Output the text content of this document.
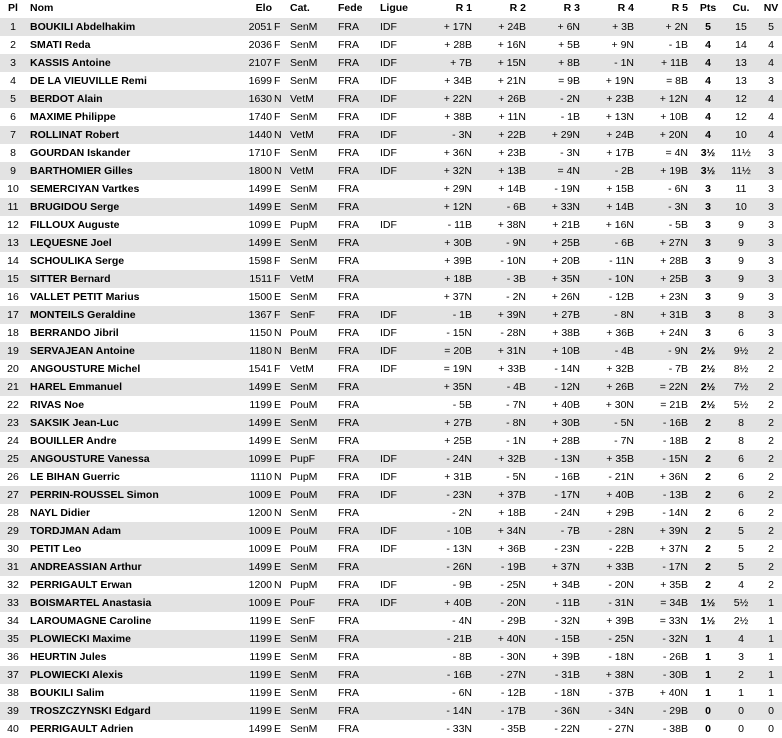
Pl	Nom	Elo		Cat.	Fede	Ligue	R 1	R 2	R 3	R 4	R 5	Pts	Cu.	NV
1	BOUKILI Abdelhakim	2051	F	SenM	FRA	IDF	+ 17N	+ 24B	+ 6N	+ 3B	+ 2N	5	15	5
2	SMATI Reda	2036	F	SenM	FRA	IDF	+ 28B	+ 16N	+ 5B	+ 9N	- 1B	4	14	4
3	KASSIS Antoine	2107	F	SenM	FRA	IDF	+ 7B	+ 15N	+ 8B	- 1N	+ 11B	4	13	4
4	DE LA VIEUVILLE Remi	1699	F	SenM	FRA	IDF	+ 34B	+ 21N	= 9B	+ 19N	= 8B	4	13	3
5	BERDOT Alain	1630	N	VetM	FRA	IDF	+ 22N	+ 26B	- 2N	+ 23B	+ 12N	4	12	4
6	MAXIME Philippe	1740	F	SenM	FRA	IDF	+ 38B	+ 11N	- 1B	+ 13N	+ 10B	4	12	4
7	ROLLINAT Robert	1440	N	VetM	FRA	IDF	- 3N	+ 22B	+ 29N	+ 24B	+ 20N	4	10	4
8	GOURDAN Iskander	1710	F	SenM	FRA	IDF	+ 36N	+ 23B	- 3N	+ 17B	= 4N	3½	11½	3
9	BARTHOMIER Gilles	1800	N	VetM	FRA	IDF	+ 32N	+ 13B	= 4N	- 2B	+ 19B	3½	11½	3
10	SEMERCIYAN Vartkes	1499	E	SenM	FRA		+ 29N	+ 14B	- 19N	+ 15B	- 6N	3	11	3
11	BRUGIDOU Serge	1499	E	SenM	FRA		+ 12N	- 6B	+ 33N	+ 14B	- 3N	3	10	3
12	FILLOUX Auguste	1099	E	PupM	FRA	IDF	- 11B	+ 38N	+ 21B	+ 16N	- 5B	3	9	3
13	LEQUESNE Joel	1499	E	SenM	FRA		+ 30B	- 9N	+ 25B	- 6B	+ 27N	3	9	3
14	SCHOULIKA Serge	1598	F	SenM	FRA		+ 39B	- 10N	+ 20B	- 11N	+ 28B	3	9	3
15	SITTER Bernard	1511	F	VetM	FRA		+ 18B	- 3B	+ 35N	- 10N	+ 25B	3	9	3
16	VALLET PETIT Marius	1500	E	SenM	FRA		+ 37N	- 2N	+ 26N	- 12B	+ 23N	3	9	3
17	MONTEILS Geraldine	1367	F	SenF	FRA	IDF	- 1B	+ 39N	+ 27B	- 8N	+ 31B	3	8	3
18	BERRANDO Jibril	1150	N	PouM	FRA	IDF	- 15N	- 28N	+ 38B	+ 36B	+ 24N	3	6	3
19	SERVAJEAN Antoine	1180	N	BenM	FRA	IDF	= 20B	+ 31N	+ 10B	- 4B	- 9N	2½	9½	2
20	ANGOUSTURE Michel	1541	F	VetM	FRA	IDF	= 19N	+ 33B	- 14N	+ 32B	- 7B	2½	8½	2
21	HAREL Emmanuel	1499	E	SenM	FRA		+ 35N	- 4B	- 12N	+ 26B	= 22N	2½	7½	2
22	RIVAS Noe	1199	E	PouM	FRA		- 5B	- 7N	+ 40B	+ 30N	= 21B	2½	5½	2
23	SAKSIK Jean-Luc	1499	E	SenM	FRA		+ 27B	- 8N	+ 30B	- 5N	- 16B	2	8	2
24	BOUILLER Andre	1499	E	SenM	FRA		+ 25B	- 1N	+ 28B	- 7N	- 18B	2	8	2
25	ANGOUSTURE Vanessa	1099	E	PupF	FRA	IDF	- 24N	+ 32B	- 13N	+ 35B	- 15N	2	6	2
26	LE BIHAN Guerric	1110	N	PupM	FRA	IDF	+ 31B	- 5N	- 16B	- 21N	+ 36N	2	6	2
27	PERRIN-ROUSSEL Simon	1009	E	PouM	FRA	IDF	- 23N	+ 37B	- 17N	+ 40B	- 13B	2	6	2
28	NAYL Didier	1200	N	SenM	FRA		- 2N	+ 18B	- 24N	+ 29B	- 14N	2	6	2
29	TORDJMAN Adam	1009	E	PouM	FRA	IDF	- 10B	+ 34N	- 7B	- 28N	+ 39N	2	5	2
30	PETIT Leo	1009	E	PouM	FRA	IDF	- 13N	+ 36B	- 23N	- 22B	+ 37N	2	5	2
31	ANDREASSIAN Arthur	1499	E	SenM	FRA		- 26N	- 19B	+ 37N	+ 33B	- 17N	2	5	2
32	PERRIGAULT Erwan	1200	N	PupM	FRA	IDF	- 9B	- 25N	+ 34B	- 20N	+ 35B	2	4	2
33	BOISMARTEL Anastasia	1009	E	PouF	FRA	IDF	+ 40B	- 20N	- 11B	- 31N	= 34B	1½	5½	1
34	LAROUMAGNE Caroline	1199	E	SenF	FRA		- 4N	- 29B	- 32N	+ 39B	= 33N	1½	2½	1
35	PLOWIECKI Maxime	1199	E	SenM	FRA		- 21B	+ 40N	- 15B	- 25N	- 32N	1	4	1
36	HEURTIN Jules	1199	E	SenM	FRA		- 8B	- 30N	+ 39B	- 18N	- 26B	1	3	1
37	PLOWIECKI Alexis	1199	E	SenM	FRA		- 16B	- 27N	- 31B	+ 38N	- 30B	1	2	1
38	BOUKILI Salim	1199	E	SenM	FRA		- 6N	- 12B	- 18N	- 37B	+ 40N	1	1	1
39	TROSZCZYNSKI Edgard	1199	E	SenM	FRA		- 14N	- 17B	- 36N	- 34N	- 29B	0	0	0
40	PERRIGAULT Adrien	1499	E	SenM	FRA		- 33N	- 35B	- 22N	- 27N	- 38B	0	0	0
